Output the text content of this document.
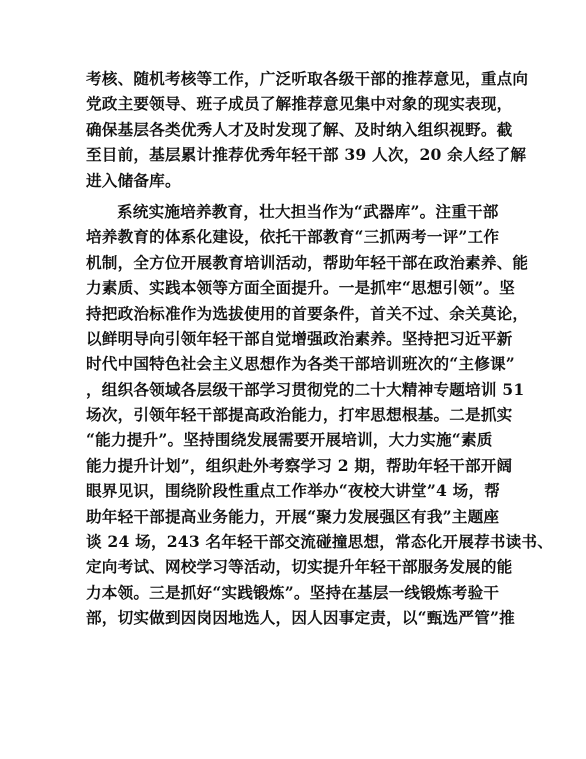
考核、随机考核等工作，广泛听取各级干部的推荐意见，重点向
党政主要领导、班子成员了解推荐意见集中对象的现实表现，
确保基层各类优秀人才及时发现了解、及时纳入组织视野。截
至目前，基层累计推荐优秀年轻干部 39 人次，20 余人经了解
进入储备库。
系统实施培养教育，壮大担当作为“武器库”。注重干部
培养教育的体系化建设，依托干部教育“三抓两考一评”工作
机制，全方位开展教育培训活动，帮助年轻干部在政治素养、能
力素质、实践本领等方面全面提升。一是抓牢“思想引领”。坚
持把政治标准作为选拔使用的首要条件，首关不过、余关莫论，
以鲜明导向引领年轻干部自觉增强政治素养。坚持把习近平新
时代中国特色社会主义思想作为各类干部培训班次的“主修课”
，组织各领域各层级干部学习贯彻党的二十大精神专题培训 51
场次，引领年轻干部提高政治能力，打牢思想根基。二是抓实
“能力提升”。坚持围绕发展需要开展培训，大力实施“素质
能力提升计划”，组织赴外考察学习 2 期，帮助年轻干部开阔
眼界见识，围绕阶段性重点工作举办“夜校大讲堂”4 场，帮
助年轻干部提高业务能力，开展“聚力发展强区有我”主题座
谈 24 场，243 名年轻干部交流碰撞思想，常态化开展荐书读书、
定向考试、网校学习等活动，切实提升年轻干部服务发展的能
力本领。三是抓好“实践锻炼”。坚持在基层一线锻炼考验干
部，切实做到因岗因地选人，因人因事定责，以“甄选严管”推
